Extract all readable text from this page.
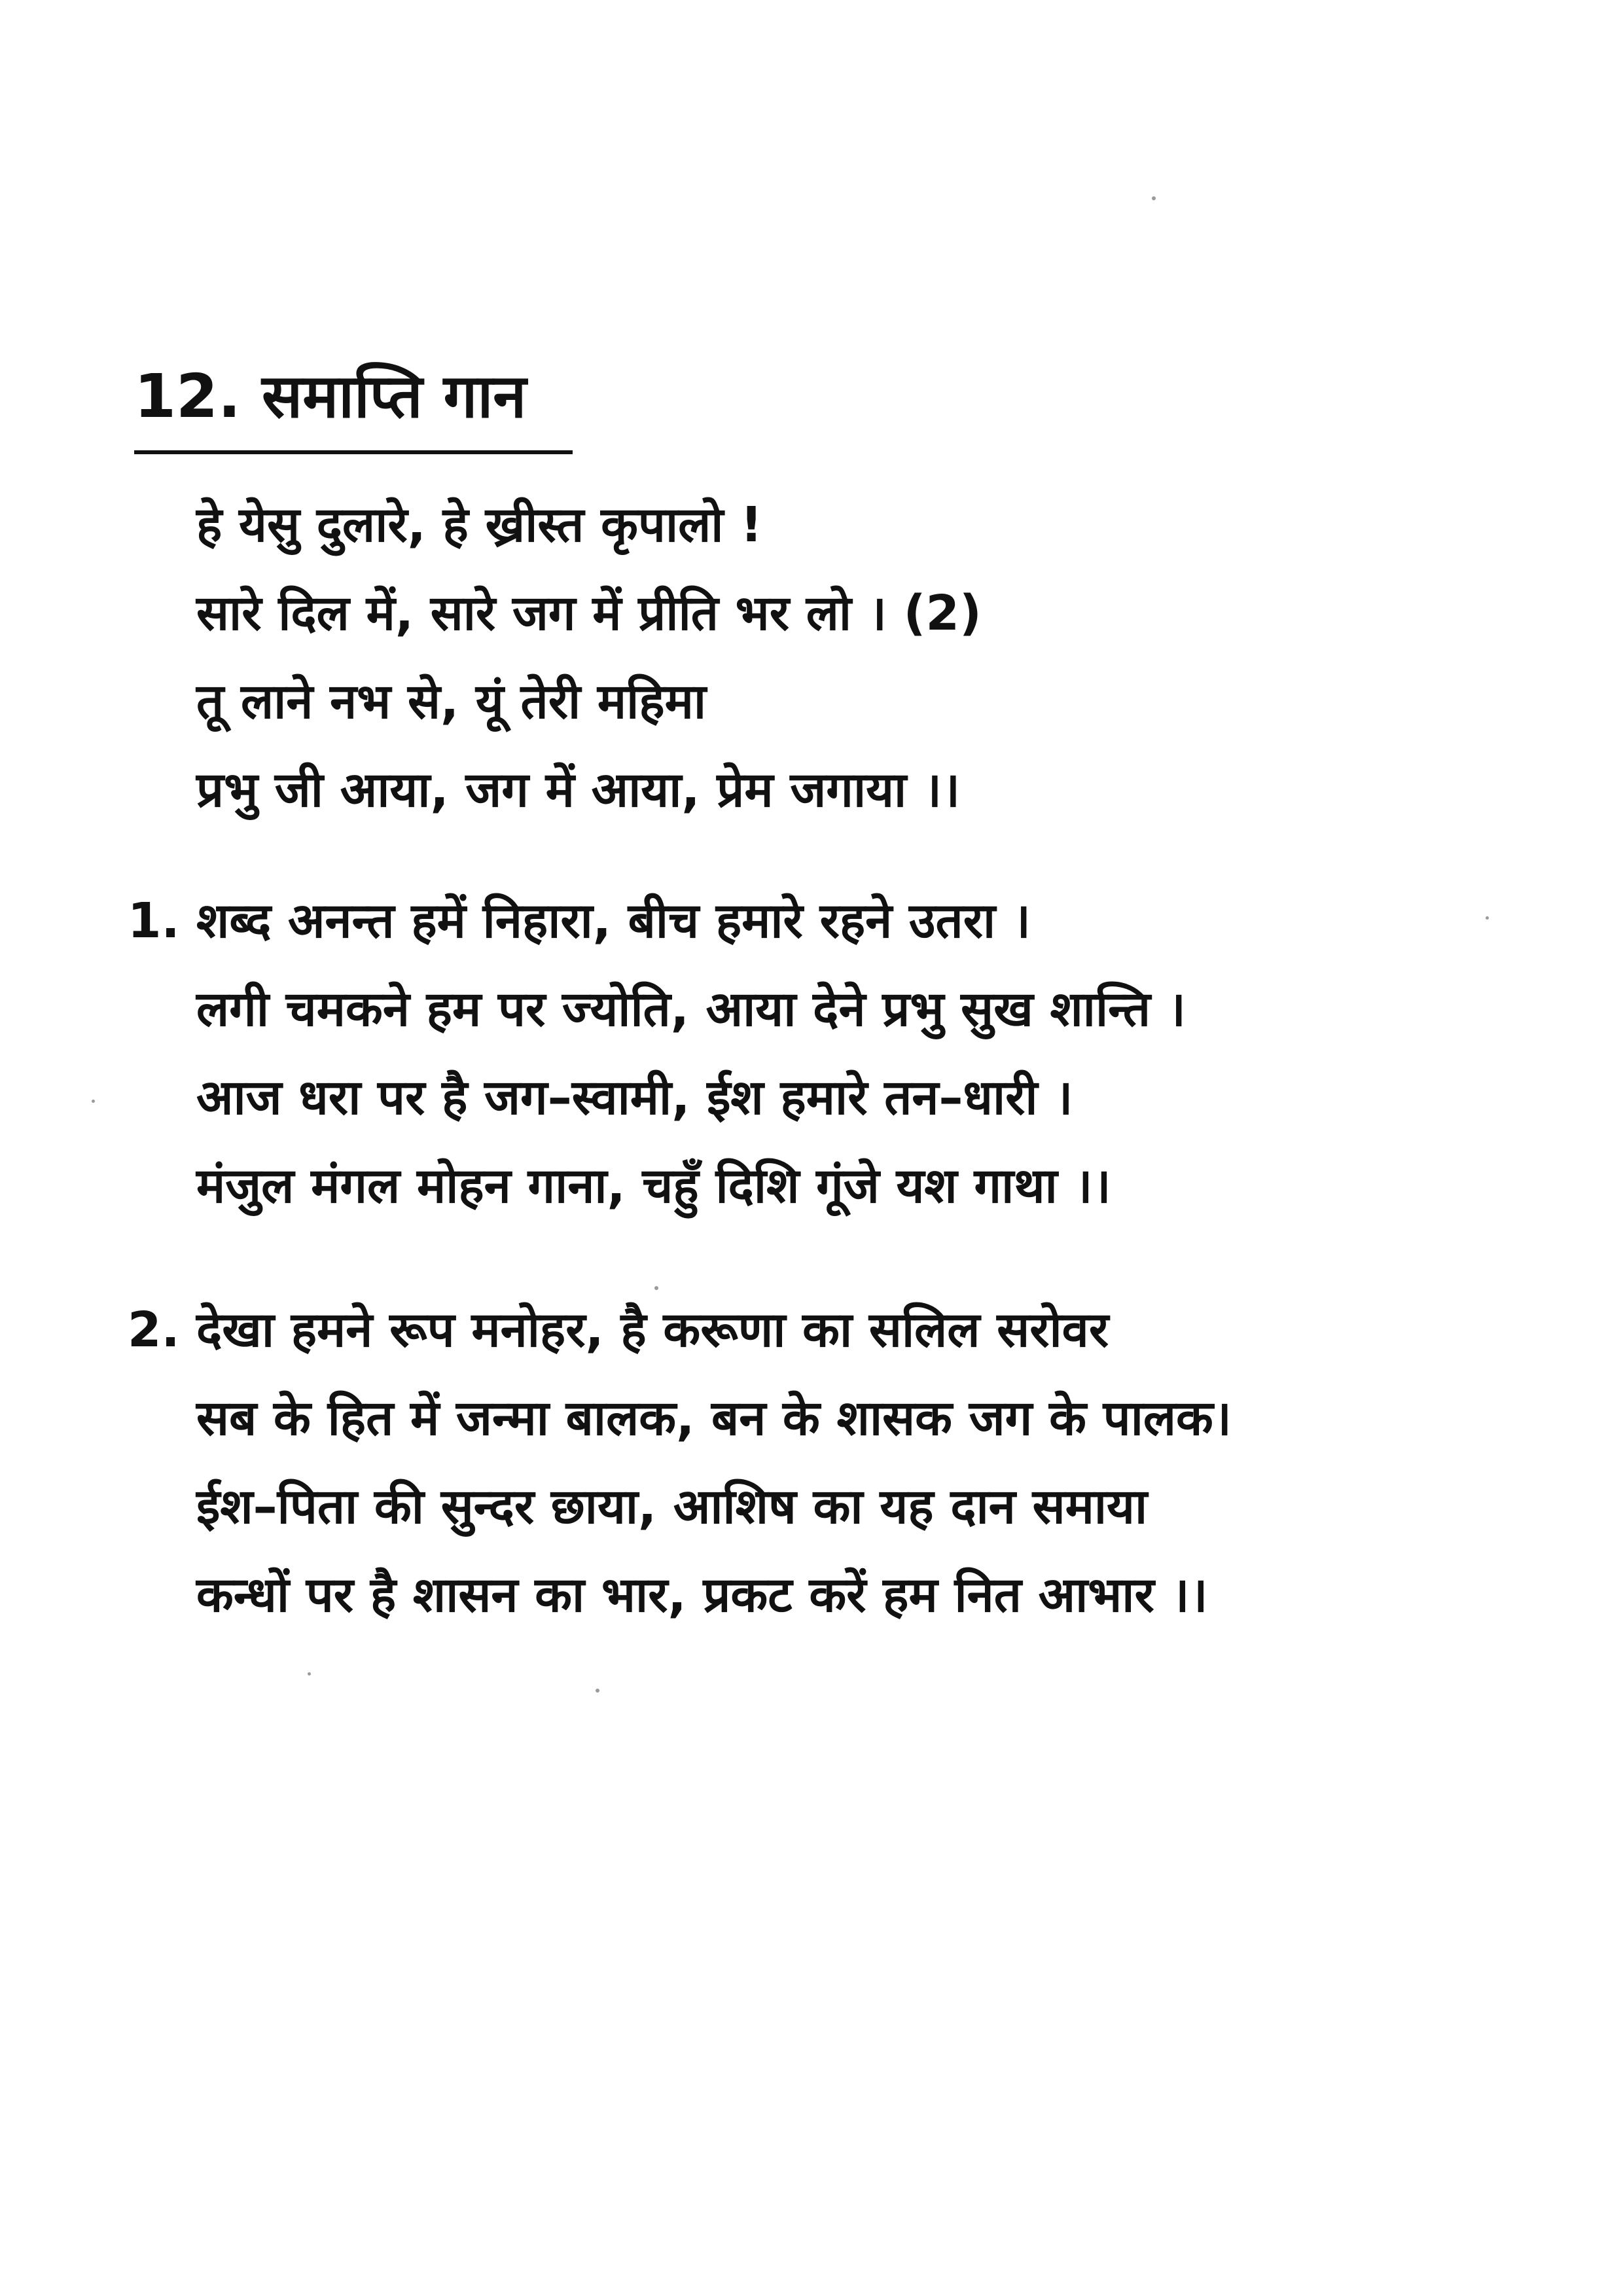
12. समाप्ति गान
हे येसु दुलारे, हे ख्रीस्त कृपालो !
सारे दिल में, सारे जग में प्रीति भर लो । (2)
तू लाने नभ से, यूं तेरी महिमा
प्रभु जी आया, जग में आया, प्रेम जगाया ।।
1. शब्द अनन्त हमें निहारा, बीच हमारे रहने उतरा ।
लगी चमकने हम पर ज्योति, आया देने प्रभु सुख शान्ति ।
आज धरा पर है जग–स्वामी, ईश हमारे तन–धारी ।
मंजुल मंगल मोहन गाना, चहुँ दिशि गूंजे यश गाथा ।।
2. देखा हमने रूप मनोहर, है करूणा का सलिल सरोवर
सब के हित में जन्मा बालक, बन के शासक जग के पालक।
ईश–पिता की सुन्दर छाया, आशिष का यह दान समाया
कन्धों पर है शासन का भार, प्रकट करें हम नित आभार ।।
